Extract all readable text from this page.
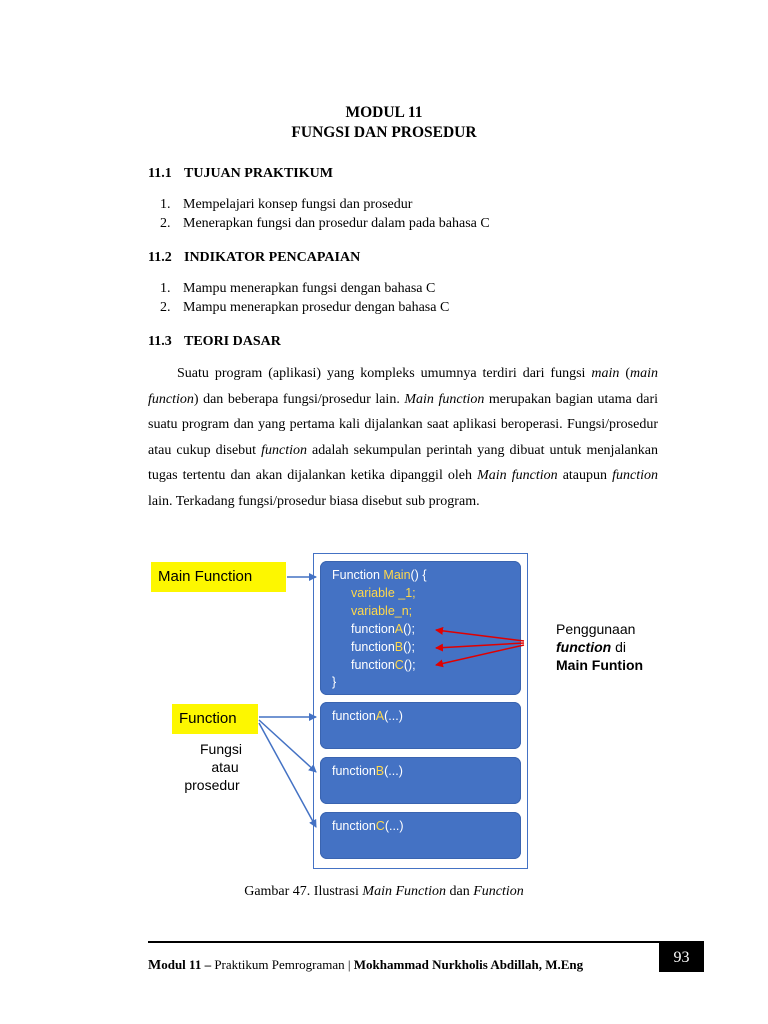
MODUL 11
FUNGSI DAN PROSEDUR
11.1 TUJUAN PRAKTIKUM
1. Mempelajari konsep fungsi dan prosedur
2. Menerapkan fungsi dan prosedur dalam pada bahasa C
11.2 INDIKATOR PENCAPAIAN
1. Mampu menerapkan fungsi dengan bahasa C
2. Mampu menerapkan prosedur dengan bahasa C
11.3 TEORI DASAR

Suatu program (aplikasi) yang kompleks umumnya terdiri dari fungsi main (main function) dan beberapa fungsi/prosedur lain. Main function merupakan bagian utama dari suatu program dan yang pertama kali dijalankan saat aplikasi beroperasi. Fungsi/prosedur atau cukup disebut function adalah sekumpulan perintah yang dibuat untuk menjalankan tugas tertentu dan akan dijalankan ketika dipanggil oleh Main function ataupun function lain. Terkadang fungsi/prosedur biasa disebut sub program.

Function Main() {
variable _1;
variable_n;
functionA();
functionB();
functionC();
}
functionA(...)
functionB(...)
functionC(...)
Main Function
Function
Fungsi
atau
prosedur
Penggunaan
function di
Main Funtion
Gambar 47. Ilustrasi Main Function dan Function
Modul 11 – Praktikum Pemrograman | Mokhammad Nurkholis Abdillah, M.Eng	93
